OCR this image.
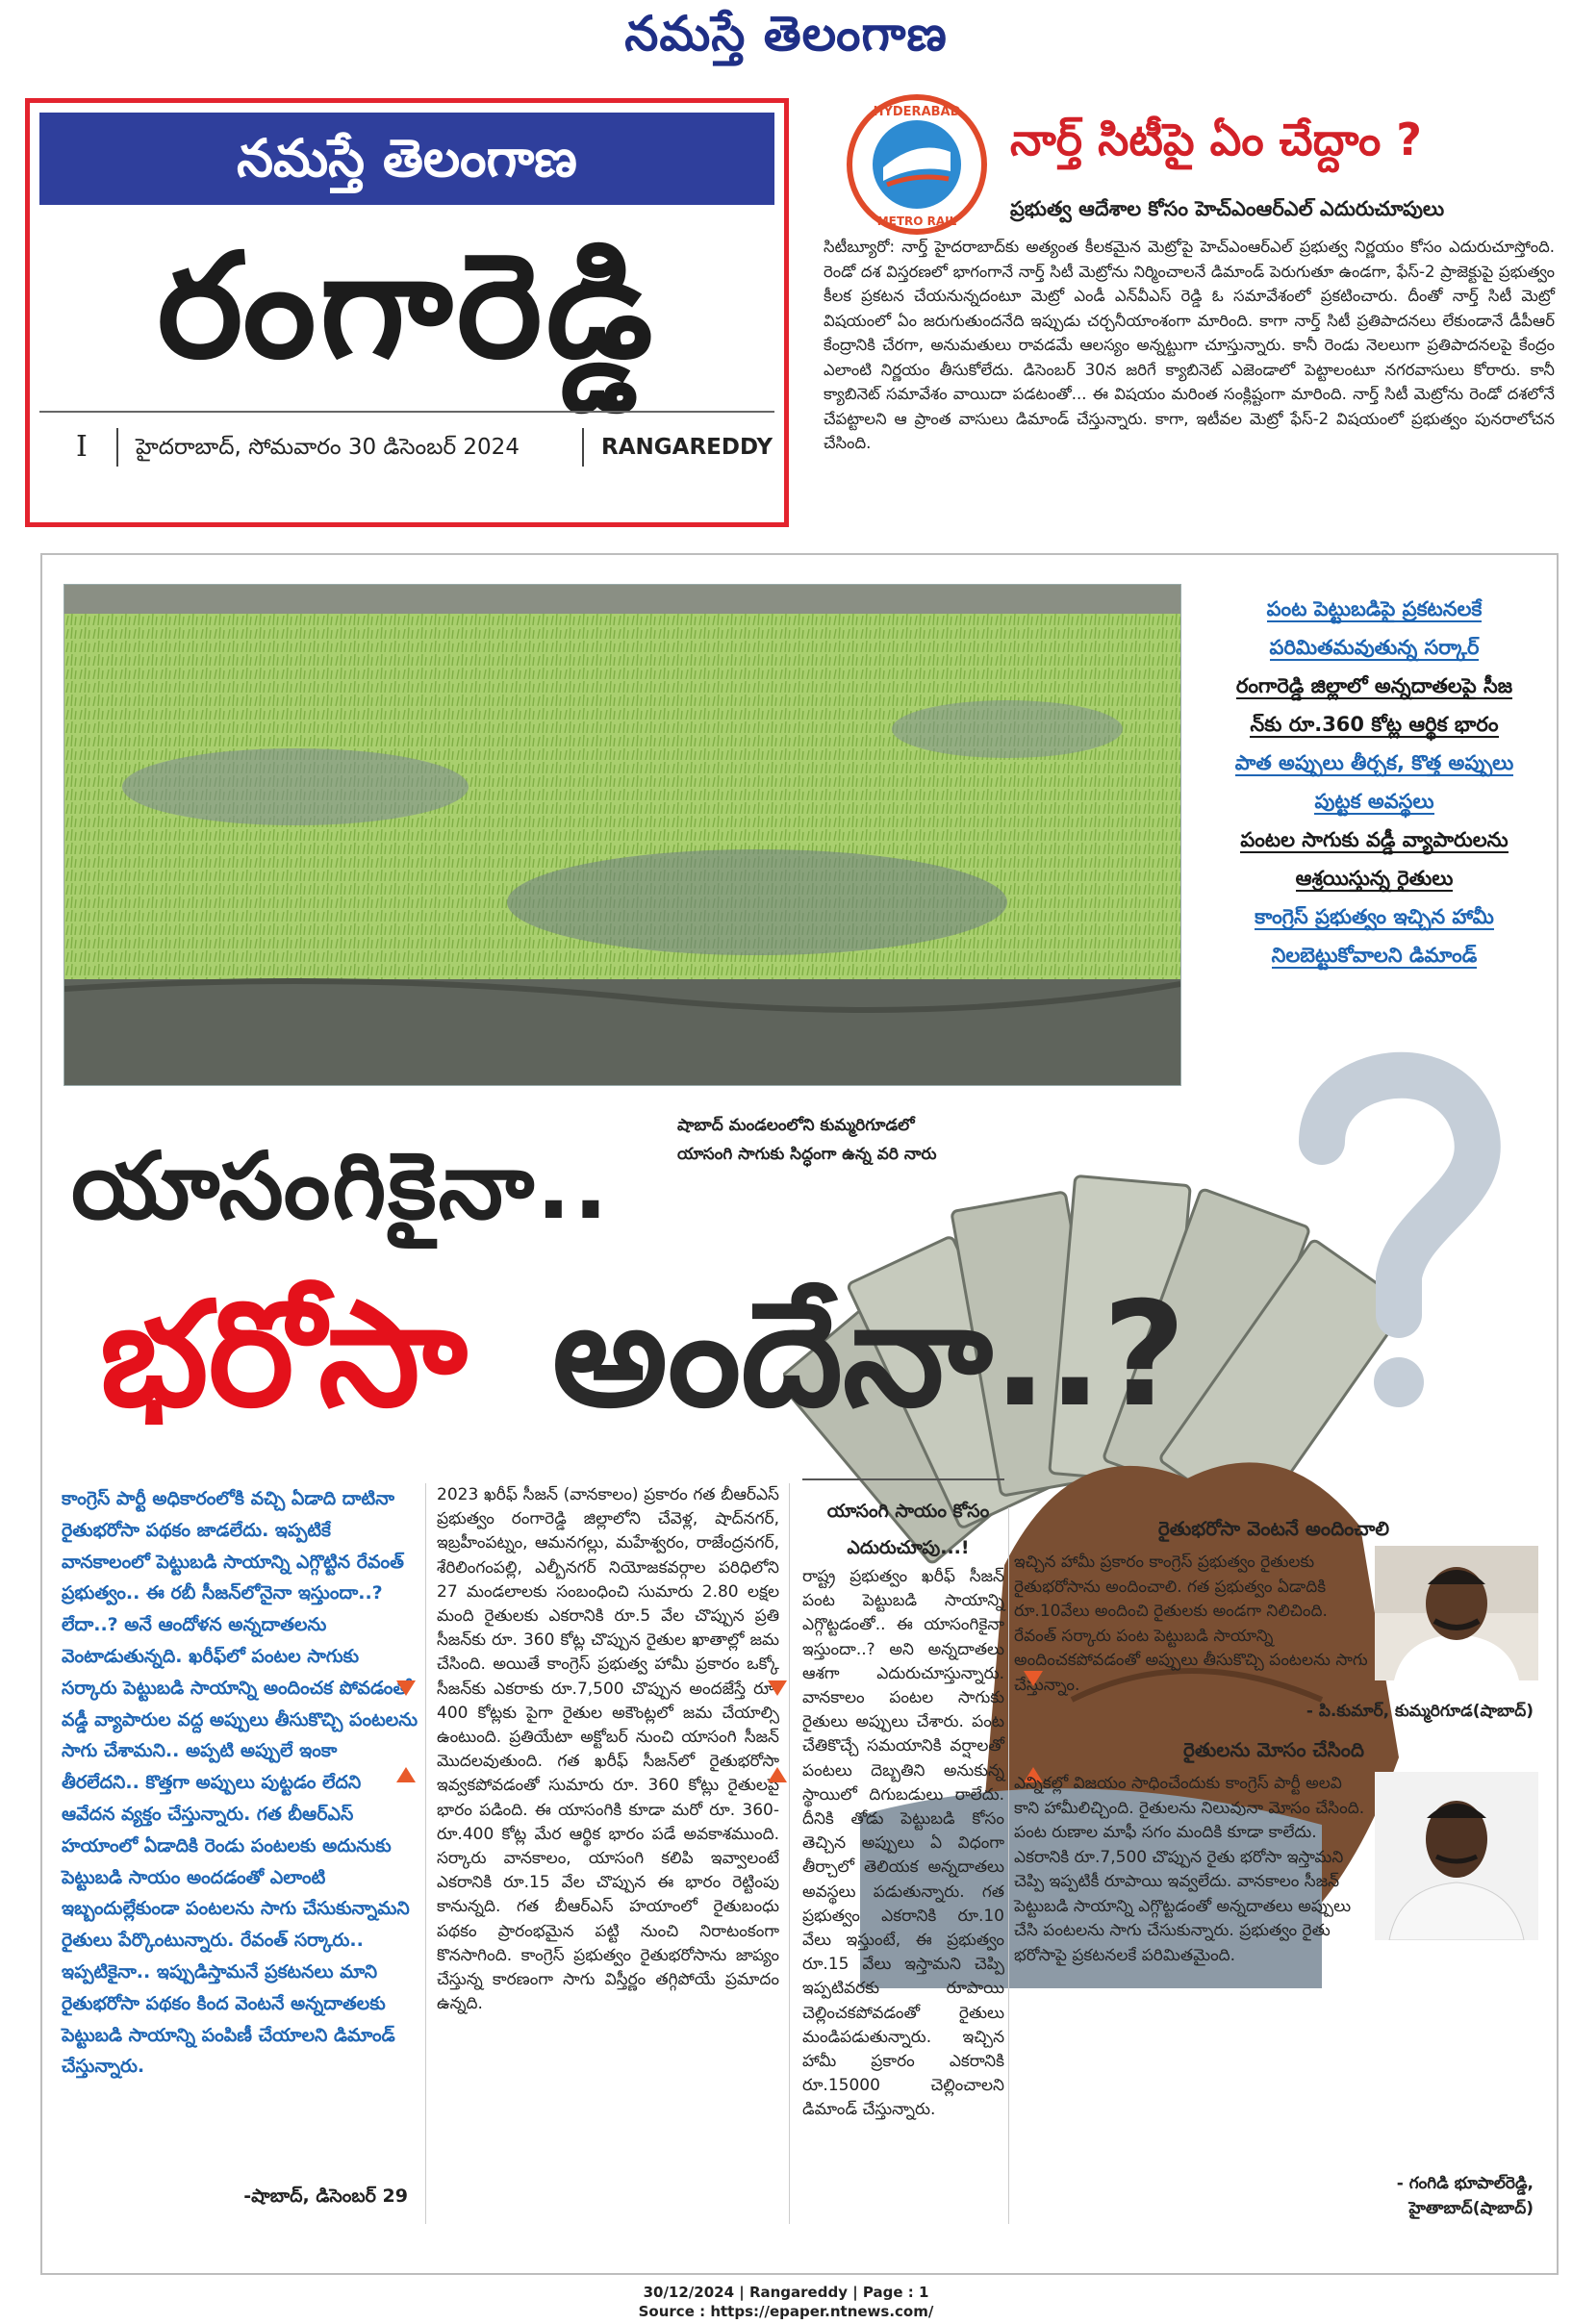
నమస్తే తెలంగాణ
నమస్తే తెలంగాణ
రంగారెడ్డి
I హైదరాబాద్, సోమవారం 30 డిసెంబర్ 2024	RANGAREDDY
HYDERABAD
METRO RAIL
నార్త్ సిటీపై ఏం చేద్దాం ?
ప్రభుత్వ ఆదేశాల కోసం హెచ్ఎంఆర్ఎల్ ఎదురుచూపులు
సిటీబ్యూరో: నార్త్ హైదరాబాద్‌కు అత్యంత కీలకమైన మెట్రోపై హెచ్ఎంఆర్ఎల్ ప్రభుత్వ నిర్ణయం కోసం ఎదురుచూస్తోంది. రెండో దశ విస్తరణలో భాగంగానే నార్త్ సిటీ మెట్రోను నిర్మించాలనే డిమాండ్ పెరుగుతూ ఉండగా, ఫేస్-2 ప్రాజెక్టుపై ప్రభుత్వం కీలక ప్రకటన చేయనున్నదంటూ మెట్రో ఎండీ ఎన్‌వీఎస్ రెడ్డి ఓ సమావేశంలో ప్రకటించారు. దీంతో నార్త్ సిటీ మెట్రో విషయంలో ఏం జరుగుతుందనేది ఇప్పుడు చర్చనీయాంశంగా మారింది. కాగా నార్త్ సిటీ ప్రతిపాదనలు లేకుండానే డీపీఆర్ కేంద్రానికి చేరగా, అనుమతులు రావడమే ఆలస్యం అన్నట్టుగా చూస్తున్నారు. కానీ రెండు నెలలుగా ప్రతిపాదనలపై కేంద్రం ఎలాంటి నిర్ణయం తీసుకోలేదు. డిసెంబర్ 30న జరిగే క్యాబినెట్ ఎజెండాలో పెట్టాలంటూ నగరవాసులు కోరారు. కానీ క్యాబినెట్ సమావేశం వాయిదా పడటంతో... ఈ విషయం మరింత సంక్లిష్టంగా మారింది. నార్త్ సిటీ మెట్రోను రెండో దశలోనే చేపట్టాలని ఆ ప్రాంత వాసులు డిమాండ్ చేస్తున్నారు. కాగా, ఇటీవల మెట్రో ఫేస్-2 విషయంలో ప్రభుత్వం పునరాలోచన చేసింది.
పంట పెట్టుబడిపై ప్రకటనలకే
పరిమితమవుతున్న సర్కార్
రంగారెడ్డి జిల్లాలో అన్నదాతలపై సీజ
న్‌కు రూ.360 కోట్ల ఆర్థిక భారం
పాత అప్పులు తీర్చక, కొత్త అప్పులు
పుట్టక అవస్థలు
పంటల సాగుకు వడ్డీ వ్యాపారులను
ఆశ్రయిస్తున్న రైతులు
కాంగ్రెస్ ప్రభుత్వం ఇచ్చిన హామీ
నిలబెట్టుకోవాలని డిమాండ్
షాబాద్ మండలంలోని కుమ్మరిగూడలో యాసంగి సాగుకు సిద్ధంగా ఉన్న వరి నారు
యాసంగికైనా..
భరోసా అందేనా..?
కాంగ్రెస్ పార్టీ అధికారంలోకి వచ్చి ఏడాది దాటినా రైతుభరోసా పథకం జాడలేదు. ఇప్పటికే వానకాలంలో పెట్టుబడి సాయాన్ని ఎగ్గొట్టిన రేవంత్ ప్రభుత్వం.. ఈ రబీ సీజన్‌లోనైనా ఇస్తుందా..? లేదా..? అనే ఆందోళన అన్నదాతలను వెంటాడుతున్నది. ఖరీఫ్‌లో పంటల సాగుకు సర్కారు పెట్టుబడి సాయాన్ని అందించక పోవడంతో వడ్డీ వ్యాపారుల వద్ద అప్పులు తీసుకొచ్చి పంటలను సాగు చేశామని.. అప్పటి అప్పులే ఇంకా తీరలేదని.. కొత్తగా అప్పులు పుట్టడం లేదని ఆవేదన వ్యక్తం చేస్తున్నారు. గత బీఆర్ఎస్ హయాంలో ఏడాదికి రెండు పంటలకు అదునుకు పెట్టుబడి సాయం అందడంతో ఎలాంటి ఇబ్బందుల్లేకుండా పంటలను సాగు చేసుకున్నామని రైతులు పేర్కొంటున్నారు. రేవంత్ సర్కారు.. ఇప్పటికైనా.. ఇప్పుడిస్తామనే ప్రకటనలు మాని రైతుభరోసా పథకం కింద వెంటనే అన్నదాతలకు పెట్టుబడి సాయాన్ని పంపిణీ చేయాలని డిమాండ్ చేస్తున్నారు.
-షాబాద్, డిసెంబర్ 29
2023 ఖరీఫ్ సీజన్ (వానకాలం) ప్రకారం గత బీఆర్ఎస్ ప్రభుత్వం రంగారెడ్డి జిల్లాలోని చేవెళ్ల, షాద్‌నగర్, ఇబ్రహీంపట్నం, ఆమనగల్లు, మహేశ్వరం, రాజేంద్రనగర్, శేరిలింగంపల్లి, ఎల్బీనగర్ నియోజకవర్గాల పరిధిలోని 27 మండలాలకు సంబంధించి సుమారు 2.80 లక్షల మంది రైతులకు ఎకరానికి రూ.5 వేల చొప్పున ప్రతి సీజన్‌కు రూ. 360 కోట్ల చొప్పున రైతుల ఖాతాల్లో జమ చేసింది. అయితే కాంగ్రెస్ ప్రభుత్వ హామీ ప్రకారం ఒక్కో సీజన్‌కు ఎకరాకు రూ.7,500 చొప్పున అందజేస్తే రూ. 400 కోట్లకు పైగా రైతుల అకౌంట్లలో జమ చేయాల్సి ఉంటుంది. ప్రతియేటా అక్టోబర్ నుంచి యాసంగి సీజన్ మొదలవుతుంది. గత ఖరీఫ్ సీజన్‌లో రైతుభరోసా ఇవ్వకపోవడంతో సుమారు రూ. 360 కోట్లు రైతులపై భారం పడింది. ఈ యాసంగికి కూడా మరో రూ. 360-రూ.400 కోట్ల మేర ఆర్థిక భారం పడే అవకాశముంది. సర్కారు వానకాలం, యాసంగి కలిపి ఇవ్వాలంటే ఎకరానికి రూ.15 వేల చొప్పున ఈ భారం రెట్టింపు కానున్నది. గత బీఆర్ఎస్ హయాంలో రైతుబంధు పథకం ప్రారంభమైన పట్టి నుంచి నిరాటంకంగా కొనసాగింది. కాంగ్రెస్ ప్రభుత్వం రైతుభరోసాను జాప్యం చేస్తున్న కారణంగా సాగు విస్తీర్ణం తగ్గిపోయే ప్రమాదం ఉన్నది.
యాసంగి సాయం కోసం ఎదురుచూపు...!
రాష్ట్ర ప్రభుత్వం ఖరీఫ్ సీజన్ పంట పెట్టుబడి సాయాన్ని ఎగ్గొట్టడంతో.. ఈ యాసంగికైనా ఇస్తుందా..? అని అన్నదాతలు ఆశగా ఎదురుచూస్తున్నారు. వానకాలం పంటల సాగుకు రైతులు అప్పులు చేశారు. పంట చేతికొచ్చే సమయానికి వర్షాలతో పంటలు దెబ్బతిని అనుకున్న స్థాయిలో దిగుబడులు రాలేదు. దీనికి తోడు పెట్టుబడి కోసం తెచ్చిన అప్పులు ఏ విధంగా తీర్చాలో తెలియక అన్నదాతలు అవస్థలు పడుతున్నారు. గత ప్రభుత్వం ఎకరానికి రూ.10 వేలు ఇస్తుంటే, ఈ ప్రభుత్వం రూ.15 వేలు ఇస్తామని చెప్పి ఇప్పటివరకు రూపాయి చెల్లించకపోవడంతో రైతులు మండిపడుతున్నారు. ఇచ్చిన హామీ ప్రకారం ఎకరానికి రూ.15000 చెల్లించాలని డిమాండ్ చేస్తున్నారు.
రైతుభరోసా వెంటనే అందించాలి
ఇచ్చిన హామీ ప్రకారం కాంగ్రెస్ ప్రభుత్వం రైతులకు రైతుభరోసాను అందించాలి. గత ప్రభుత్వం ఏడాదికి రూ.10వేలు అందించి రైతులకు అండగా నిలిచింది. రేవంత్ సర్కారు పంట పెట్టుబడి సాయాన్ని అందించకపోవడంతో అప్పులు తీసుకొచ్చి పంటలను సాగు చేస్తున్నాం.
- పి.కుమార్, కుమ్మరిగూడ(షాబాద్)
రైతులను మోసం చేసింది
ఎన్నికల్లో విజయం సాధించేందుకు కాంగ్రెస్ పార్టీ అలవి కాని హామీలిచ్చింది. రైతులను నిలువునా మోసం చేసింది. పంట రుణాల మాఫీ సగం మందికి కూడా కాలేదు. ఎకరానికి రూ.7,500 చొప్పున రైతు భరోసా ఇస్తామని చెప్పి ఇప్పటికీ రూపాయి ఇవ్వలేదు. వానకాలం సీజన్ పెట్టుబడి సాయాన్ని ఎగ్గొట్టడంతో అన్నదాతలు అప్పులు చేసి పంటలను సాగు చేసుకున్నారు. ప్రభుత్వం రైతు భరోసాపై ప్రకటనలకే పరిమితమైంది.
- గంగిడి భూపాల్‌రెడ్డి,
హైతాబాద్(షాబాద్)
30/12/2024 | Rangareddy | Page : 1
Source : https://epaper.ntnews.com/
